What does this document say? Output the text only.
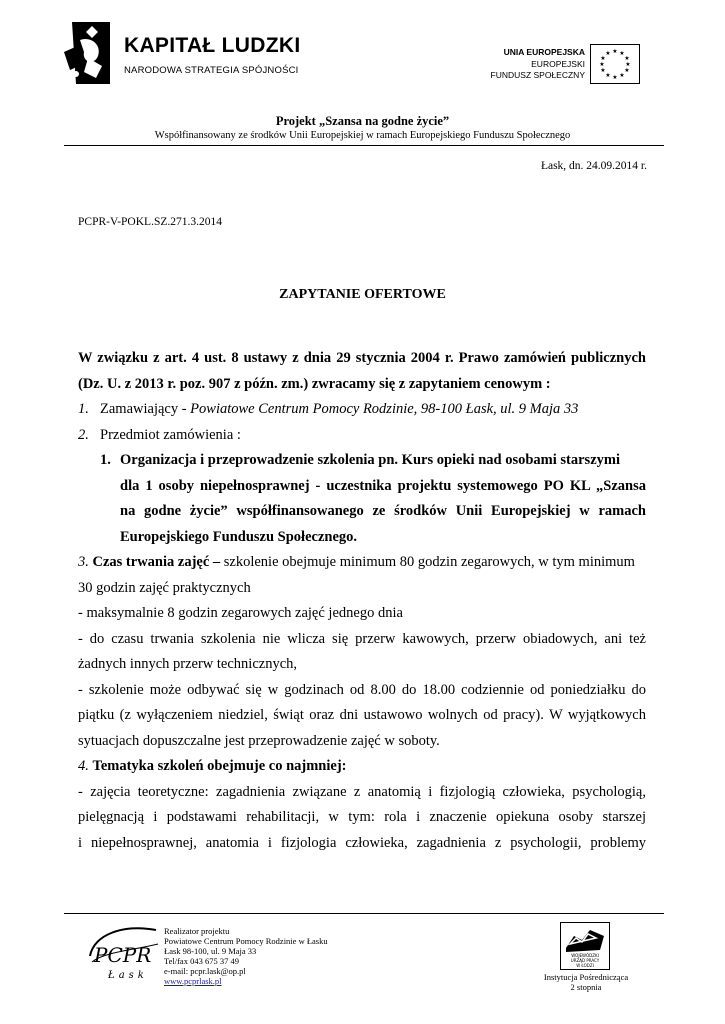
KAPITAŁ LUDZKI
NARODOWA STRATEGIA SPÓJNOŚCI
UNIA EUROPEJSKA
EUROPEJSKI
FUNDUSZ SPOŁECZNY
★ ★
★
★
★
★
★
★
★
★
★
★
Projekt „Szansa na godne życie”
Współfinansowany ze środków Unii Europejskiej w ramach Europejskiego Funduszu Społecznego
Łask, dn. 24.09.2014 r.
PCPR-V-POKL.SZ.271.3.2014
ZAPYTANIE OFERTOWE
W związku z art. 4 ust. 8 ustawy z dnia 29 stycznia 2004 r. Prawo zamówień publicznych
(Dz. U. z 2013 r. poz. 907 z późn. zm.) zwracamy się z zapytaniem cenowym :
1. Zamawiający - Powiatowe Centrum Pomocy Rodzinie, 98-100 Łask, ul. 9 Maja 33
2. Przedmiot zamówienia :
1. Organizacja i przeprowadzenie szkolenia pn. Kurs opieki nad osobami starszymi
dla 1 osoby niepełnosprawnej - uczestnika projektu systemowego PO KL „Szansa
na godne życie” współfinansowanego ze środków Unii Europejskiej w ramach
Europejskiego Funduszu Społecznego.
3. Czas trwania zajęć – szkolenie obejmuje minimum 80 godzin zegarowych, w tym minimum
30 godzin zajęć praktycznych
- maksymalnie 8 godzin zegarowych zajęć jednego dnia
- do czasu trwania szkolenia nie wlicza się przerw kawowych, przerw obiadowych, ani też
żadnych innych przerw technicznych,
- szkolenie może odbywać się w godzinach od 8.00 do 18.00 codziennie od poniedziałku do
piątku (z wyłączeniem niedziel, świąt oraz dni ustawowo wolnych od pracy). W wyjątkowych
sytuacjach dopuszczalne jest przeprowadzenie zajęć w soboty.
4. Tematyka szkoleń obejmuje co najmniej:
- zajęcia teoretyczne: zagadnienia związane z anatomią i fizjologią człowieka, psychologią,
pielęgnacją i podstawami rehabilitacji, w tym: rola i znaczenie opiekuna osoby starszej
i niepełnosprawnej, anatomia i fizjologia człowieka, zagadnienia z psychologii, problemy
PCPR
Łask
Realizator projektu
Powiatowe Centrum Pomocy Rodzinie w Łasku
Łask 98-100, ul. 9 Maja 33
Tel/fax 043 675 37 49
e-mail: pcpr.lask@op.pl
www.pcprlask.pl
WOJEWÓDZKI
URZĄD PRACY
W ŁODZI
Instytucja Pośrednicząca
2 stopnia
